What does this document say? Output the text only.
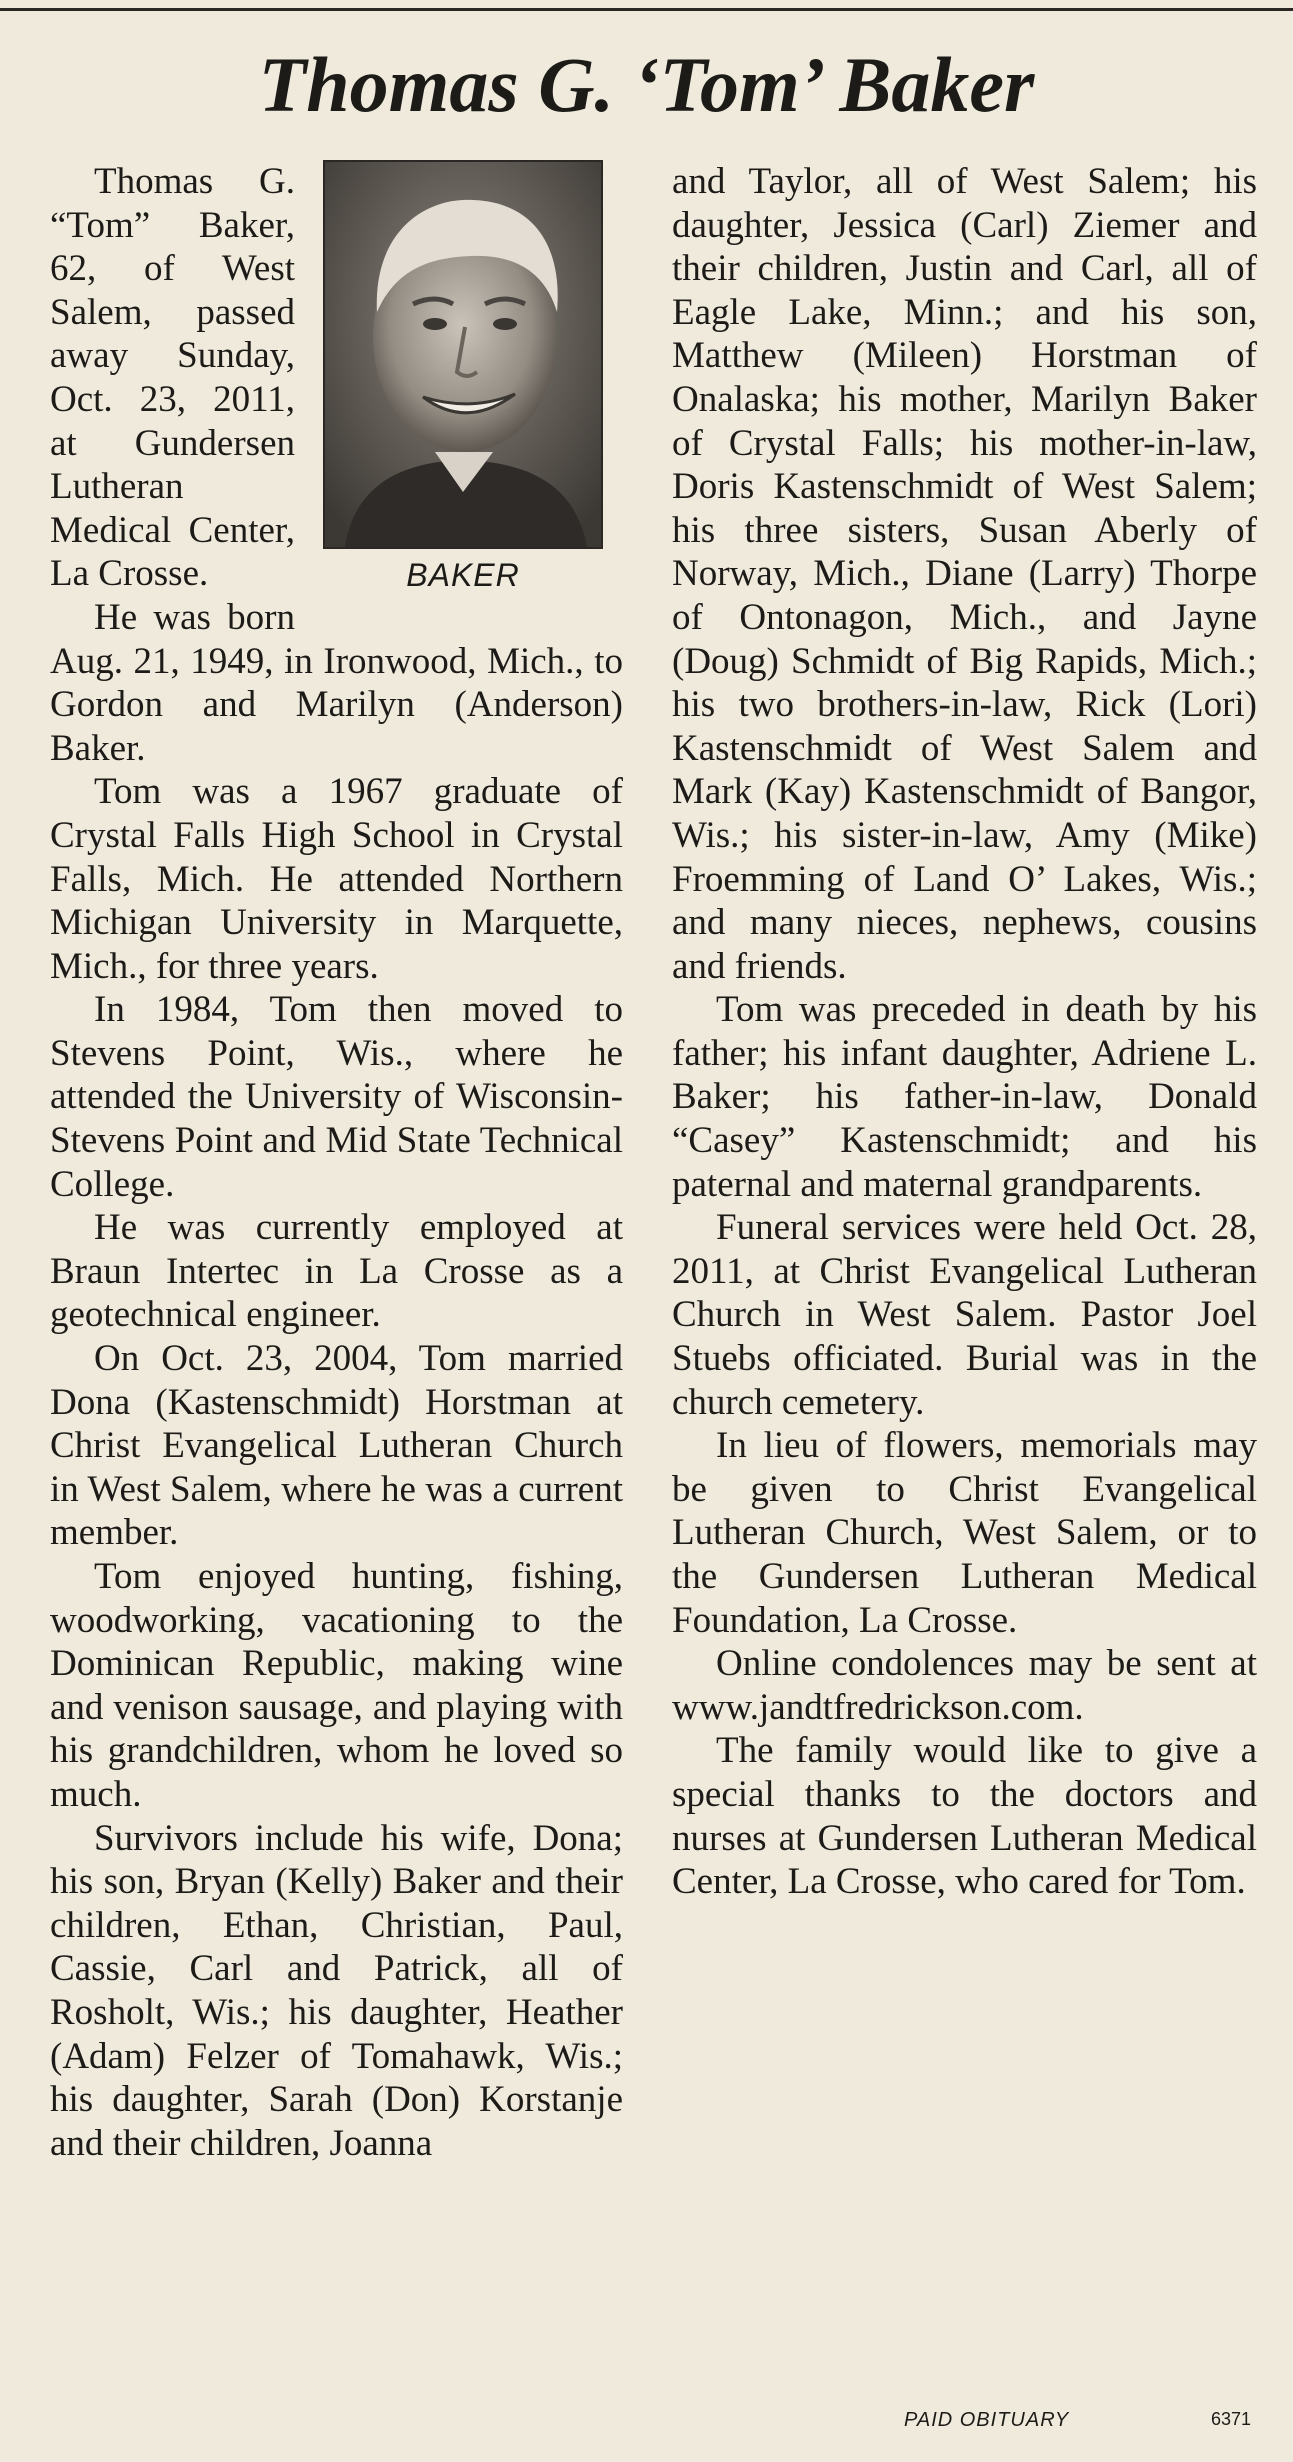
Thomas G. ‘Tom’ Baker
BAKER

Thomas G. “Tom” Baker, 62, of West Salem, passed away Sunday, Oct. 23, 2011, at Gundersen Lutheran Medical Center, La Crosse.

He was born Aug. 21, 1949, in Ironwood, Mich., to Gordon and Marilyn (Anderson) Baker.

Tom was a 1967 graduate of Crystal Falls High School in Crystal Falls, Mich. He attended Northern Michigan University in Marquette, Mich., for three years.

In 1984, Tom then moved to Stevens Point, Wis., where he attended the University of Wisconsin-Stevens Point and Mid State Technical College.

He was currently employed at Braun Intertec in La Crosse as a geotechnical engineer.

On Oct. 23, 2004, Tom married Dona (Kastenschmidt) Horstman at Christ Evangelical Lutheran Church in West Salem, where he was a current member.

Tom enjoyed hunting, fishing, woodworking, vacationing to the Dominican Republic, making wine and venison sausage, and playing with his grandchildren, whom he loved so much.

Survivors include his wife, Dona; his son, Bryan (Kelly) Baker and their children, Ethan, Christian, Paul, Cassie, Carl and Patrick, all of Rosholt, Wis.; his daughter, Heather (Adam) Felzer of Tomahawk, Wis.; his daughter, Sarah (Don) Korstanje and their children, Joanna

and Taylor, all of West Salem; his daughter, Jessica (Carl) Ziemer and their children, Justin and Carl, all of Eagle Lake, Minn.; and his son, Matthew (Mileen) Horstman of Onalaska; his mother, Marilyn Baker of Crystal Falls; his mother-in-law, Doris Kastenschmidt of West Salem; his three sisters, Susan Aberly of Norway, Mich., Diane (Larry) Thorpe of Ontonagon, Mich., and Jayne (Doug) Schmidt of Big Rapids, Mich.; his two brothers-in-law, Rick (Lori) Kastenschmidt of West Salem and Mark (Kay) Kastenschmidt of Bangor, Wis.; his sister-in-law, Amy (Mike) Froemming of Land O’ Lakes, Wis.; and many nieces, nephews, cousins and friends.

Tom was preceded in death by his father; his infant daughter, Adriene L. Baker; his father-in-law, Donald “Casey” Kastenschmidt; and his paternal and maternal grandparents.

Funeral services were held Oct. 28, 2011, at Christ Evangelical Lutheran Church in West Salem. Pastor Joel Stuebs officiated. Burial was in the church cemetery.

In lieu of flowers, memorials may be given to Christ Evangelical Lutheran Church, West Salem, or to the Gundersen Lutheran Medical Foundation, La Crosse.

Online condolences may be sent at www.jandtfredrickson.com.

The family would like to give a special thanks to the doctors and nurses at Gundersen Lutheran Medical Center, La Crosse, who cared for Tom.

PAID OBITUARY	6371
